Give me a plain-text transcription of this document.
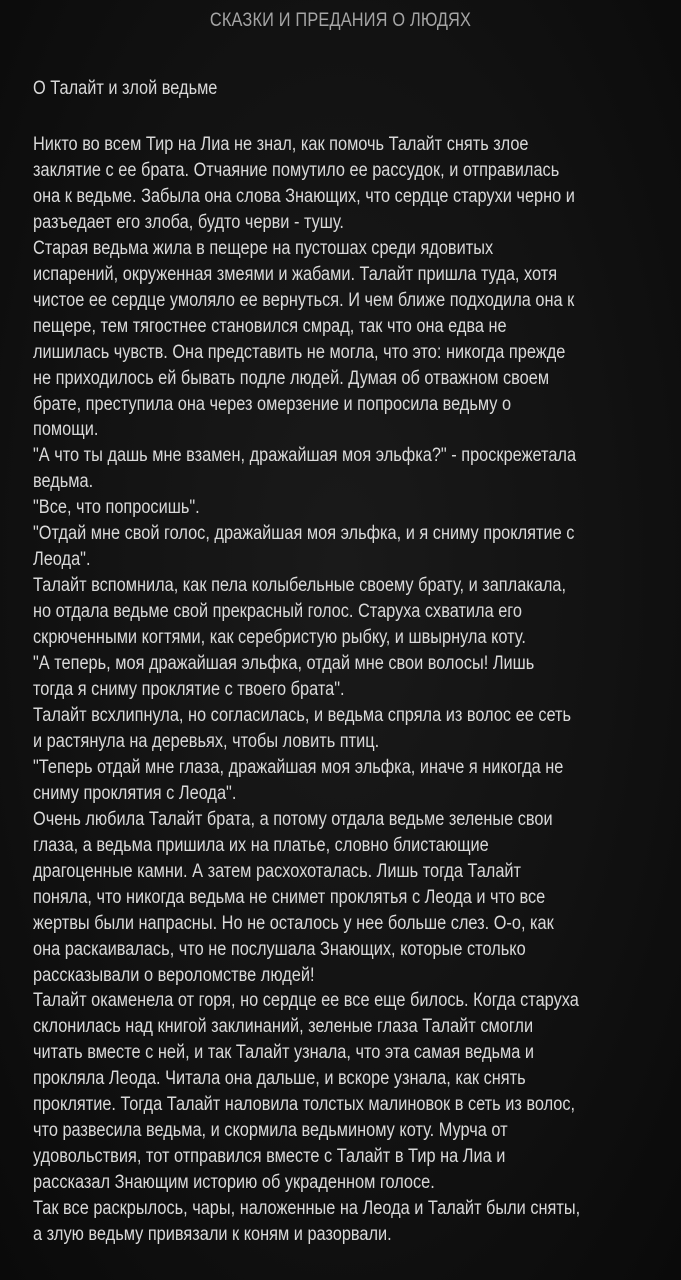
СКАЗКИ И ПРЕДАНИЯ О ЛЮДЯХ
О Талайт и злой ведьме

Никто во всем Тир на Лиа не знал, как помочь Талайт снять злое

заклятие с ее брата. Отчаяние помутило ее рассудок, и отправилась

она к ведьме. Забыла она слова Знающих, что сердце старухи черно и

разъедает его злоба, будто черви - тушу.

Старая ведьма жила в пещере на пустошах среди ядовитых

испарений, окруженная змеями и жабами. Талайт пришла туда, хотя

чистое ее сердце умоляло ее вернуться. И чем ближе подходила она к

пещере, тем тягостнее становился смрад, так что она едва не

лишилась чувств. Она представить не могла, что это: никогда прежде

не приходилось ей бывать подле людей. Думая об отважном своем

брате, преступила она через омерзение и попросила ведьму о

помощи.

"А что ты дашь мне взамен, дражайшая моя эльфка?" - проскрежетала

ведьма.

"Все, что попросишь".

"Отдай мне свой голос, дражайшая моя эльфка, и я сниму проклятие с

Леода".

Талайт вспомнила, как пела колыбельные своему брату, и заплакала,

но отдала ведьме свой прекрасный голос. Старуха схватила его

скрюченными когтями, как серебристую рыбку, и швырнула коту.

"А теперь, моя дражайшая эльфка, отдай мне свои волосы! Лишь

тогда я сниму проклятие с твоего брата".

Талайт всхлипнула, но согласилась, и ведьма спряла из волос ее сеть

и растянула на деревьях, чтобы ловить птиц.

"Теперь отдай мне глаза, дражайшая моя эльфка, иначе я никогда не

сниму проклятия с Леода".

Очень любила Талайт брата, а потому отдала ведьме зеленые свои

глаза, а ведьма пришила их на платье, словно блистающие

драгоценные камни. А затем расхохоталась. Лишь тогда Талайт

поняла, что никогда ведьма не снимет проклятья с Леода и что все

жертвы были напрасны. Но не осталось у нее больше слез. О-о, как

она раскаивалась, что не послушала Знающих, которые столько

рассказывали о вероломстве людей!

Талайт окаменела от горя, но сердце ее все еще билось. Когда старуха

склонилась над книгой заклинаний, зеленые глаза Талайт смогли

читать вместе с ней, и так Талайт узнала, что эта самая ведьма и

прокляла Леода. Читала она дальше, и вскоре узнала, как снять

проклятие. Тогда Талайт наловила толстых малиновок в сеть из волос,

что развесила ведьма, и скормила ведьминому коту. Мурча от

удовольствия, тот отправился вместе с Талайт в Тир на Лиа и

рассказал Знающим историю об украденном голосе.

Так все раскрылось, чары, наложенные на Леода и Талайт были сняты,

а злую ведьму привязали к коням и разорвали.
